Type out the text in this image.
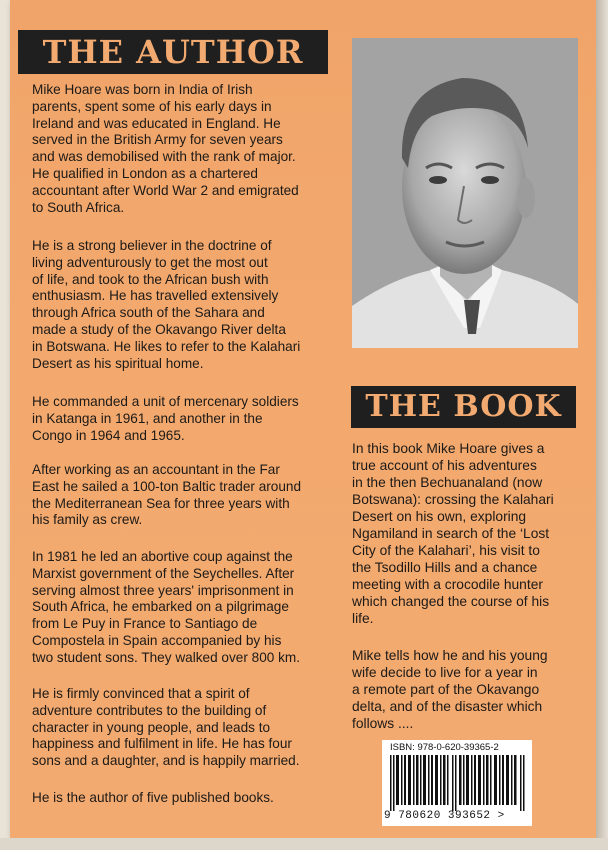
THE AUTHOR
Mike Hoare was born in India of Irish
parents, spent some of his early days in
Ireland and was educated in England. He
served in the British Army for seven years
and was demobilised with the rank of major.
He qualified in London as a chartered
accountant after World War 2 and emigrated
to South Africa.
He is a strong believer in the doctrine of
living adventurously to get the most out
of life, and took to the African bush with
enthusiasm. He has travelled extensively
through Africa south of the Sahara and
made a study of the Okavango River delta
in Botswana. He likes to refer to the Kalahari
Desert as his spiritual home.
He commanded a unit of mercenary soldiers
in Katanga in 1961, and another in the
Congo in 1964 and 1965.
After working as an accountant in the Far
East he sailed a 100-ton Baltic trader around
the Mediterranean Sea for three years with
his family as crew.
In 1981 he led an abortive coup against the
Marxist government of the Seychelles. After
serving almost three years' imprisonment in
South Africa, he embarked on a pilgrimage
from Le Puy in France to Santiago de
Compostela in Spain accompanied by his
two student sons. They walked over 800 km.
He is firmly convinced that a spirit of
adventure contributes to the building of
character in young people, and leads to
happiness and fulfilment in life. He has four
sons and a daughter, and is happily married.
He is the author of five published books.
THE BOOK
In this book Mike Hoare gives a
true account of his adventures
in the then Bechuanaland (now
Botswana): crossing the Kalahari
Desert on his own, exploring
Ngamiland in search of the ‘Lost
City of the Kalahari’, his visit to
the Tsodillo Hills and a chance
meeting with a crocodile hunter
which changed the course of his
life.
Mike tells how he and his young
wife decide to live for a year in
a remote part of the Okavango
delta, and of the disaster which
follows ....
ISBN: 978-0-620-39365-2
9 780620 393652 >
